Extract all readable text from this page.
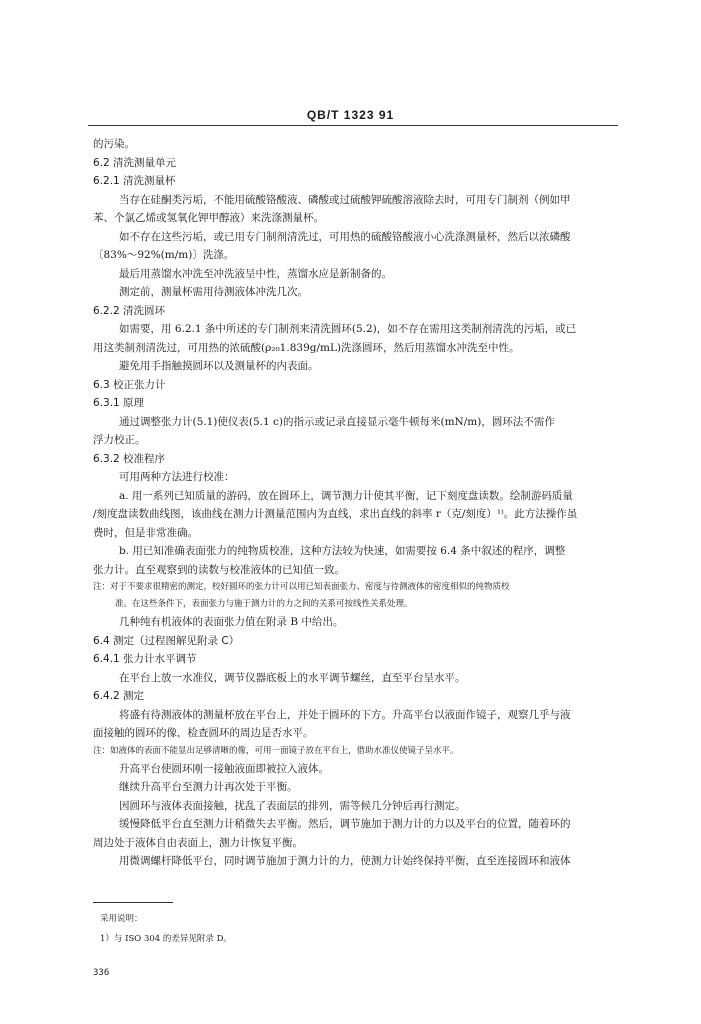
QB/T 1323 91
的污染。
6.2 清洗测量单元
6.2.1 清洗测量杯
当存在硅酮类污垢，不能用硫酸铬酸液、磷酸或过硫酸钾硫酸溶液除去时，可用专门制剂（例如甲
苯、个氯乙烯或氢氧化钾甲醇液）来洗涤测量杯。
如不存在这些污垢，或已用专门制剂清洗过，可用热的硫酸铬酸液小心洗涤测量杯，然后以浓磷酸
〔83%～92%(m/m)〕洗涤。
最后用蒸馏水冲洗至冲洗液呈中性，蒸馏水应是新制备的。
测定前，测量杯需用待测液体冲洗几次。
6.2.2 清洗圆环
如需要，用 6.2.1 条中所述的专门制剂来清洗圆环(5.2)，如不存在需用这类制剂清洗的污垢，或已
用这类制剂清洗过，可用热的浓硫酸(ρ₂₀1.839g/mL)洗涤圆环，然后用蒸馏水冲洗至中性。
避免用手指触摸圆环以及测量杯的内表面。
6.3 校正张力计
6.3.1 原理
通过调整张力计(5.1)使仪表(5.1 c)的指示或记录直接显示毫牛顿每米(mN/m)，圆环法不需作
浮力校正。
6.3.2 校准程序
可用两种方法进行校准：
a. 用一系列已知质量的游码，放在圆环上，调节测力计使其平衡，记下刻度盘读数。绘制游码质量
/刻度盘读数曲线图，该曲线在测力计测量范围内为直线，求出直线的斜率 r（克/刻度）¹⁾。此方法操作虽
费时，但是非常准确。
b. 用已知准确表面张力的纯物质校准，这种方法较为快速，如需要按 6.4 条中叙述的程序，调整
张力计。直至观察到的读数与校准液体的已知值一致。
注：对于不要求很精密的测定，校好圆环的张力计可以用已知表面张力、密度与待测液体的密度相似的纯物质校
准。在这些条件下，表面张力与施于测力计的力之间的关系可按线性关系处理。
几种纯有机液体的表面张力值在附录 B 中给出。
6.4 测定（过程图解见附录 C）
6.4.1 张力计水平调节
在平台上放一水准仪，调节仪器底板上的水平调节螺丝，直至平台呈水平。
6.4.2 测定
将盛有待测液体的测量杯放在平台上，并处于圆环的下方。升高平台以液面作镜子，观察几乎与液
面接触的圆环的像，检查圆环的周边是否水平。
注：如液体的表面不能显出足够清晰的像，可用一面镜子放在平台上，借助水准仪使镜子呈水平。
升高平台使圆环刚一接触液面即被拉入液体。
继续升高平台至测力计再次处于平衡。
因圆环与液体表面接触，扰乱了表面层的排列，需等候几分钟后再行测定。
缓慢降低平台直至测力计稍微失去平衡。然后，调节施加于测力计的力以及平台的位置，随着环的
周边处于液体自由表面上，测力计恢复平衡。
用微调螺杆降低平台，同时调节施加于测力计的力，使测力计始终保持平衡，直至连接圆环和液体
采用说明：
1）与 ISO 304 的差异见附录 D。
336
